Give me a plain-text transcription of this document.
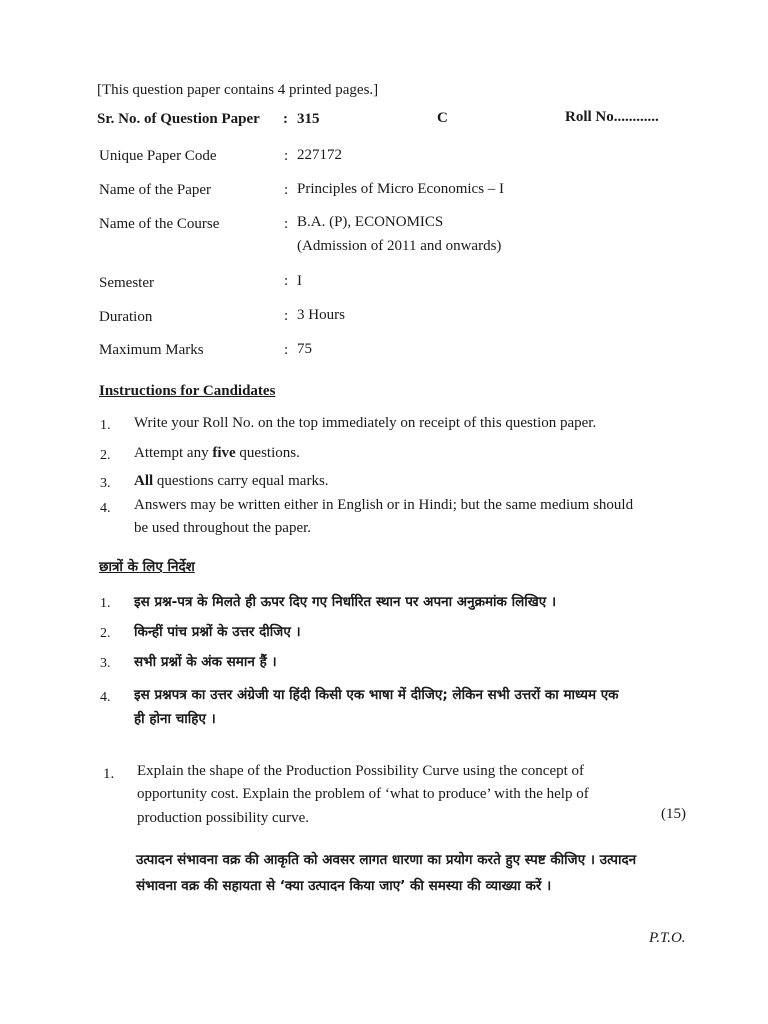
[This question paper contains 4 printed pages.]
Sr. No. of Question Paper : 315	C	Roll No............
Unique Paper Code	: 227172
Name of the Paper	: Principles of Micro Economics – I
Name of the Course	: B.A. (P), ECONOMICS
(Admission of 2011 and onwards)
Semester	: I
Duration	: 3 Hours
Maximum Marks	: 75
Instructions for Candidates
1. Write your Roll No. on the top immediately on receipt of this question paper.
2. Attempt any five questions.
3. All questions carry equal marks.
4. Answers may be written either in English or in Hindi; but the same medium should
be used throughout the paper.
छात्रों के लिए निर्देश
1. इस प्रश्न-पत्र के मिलते ही ऊपर दिए गए निर्धारित स्थान पर अपना अनुक्रमांक लिखिए ।
2. किन्हीं पांच प्रश्नों के उत्तर दीजिए ।
3. सभी प्रश्नों के अंक समान हैं ।
4. इस प्रश्नपत्र का उत्तर अंग्रेजी या हिंदी किसी एक भाषा में दीजिए; लेकिन सभी उत्तरों का माध्यम एक
ही होना चाहिए ।
1. Explain the shape of the Production Possibility Curve using the concept of
opportunity cost. Explain the problem of ‘what to produce’ with the help of
production possibility curve.	(15)
उत्पादन संभावना वक्र की आकृति को अवसर लागत धारणा का प्रयोग करते हुए स्पष्ट कीजिए । उत्पादन
संभावना वक्र की सहायता से ‘क्या उत्पादन किया जाए’ की समस्या की व्याख्या करें ।
P.T.O.
